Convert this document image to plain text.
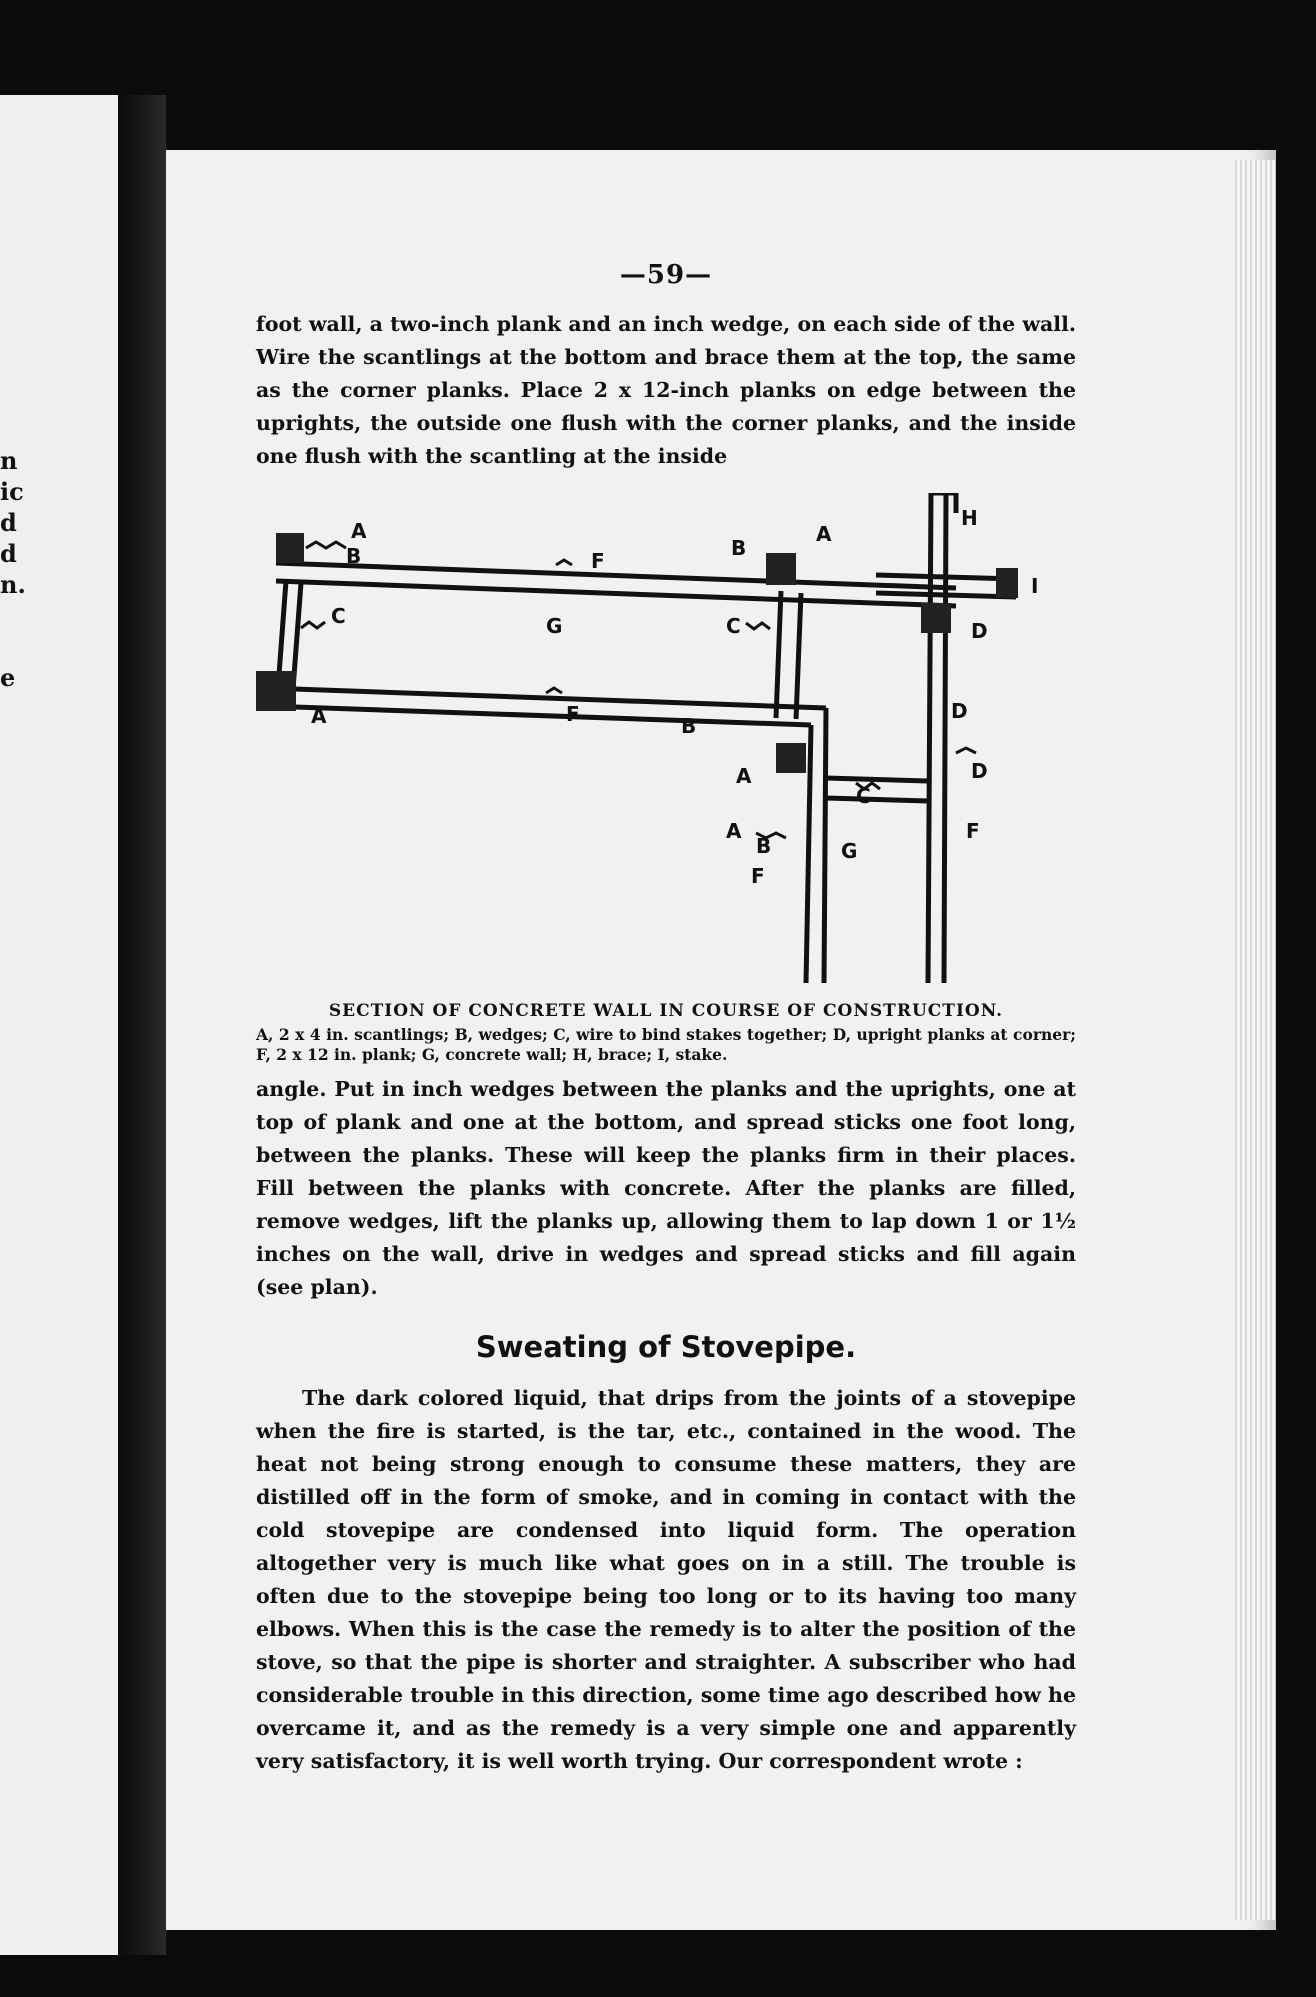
n
ic
d
d
n.
e
—59—

foot wall, a two-inch plank and an inch wedge, on each side of the wall. Wire the scantlings at the bottom and brace them at the top, the same as the corner planks. Place 2 x 12-inch planks on edge between the uprights, the outside one flush with the corner planks, and the inside one flush with the scantling at the inside

A
B	F
B
A
H
I
D
C	G	C
A	F	B
D
D
C
A
A	F
B	G
F
SECTION OF CONCRETE WALL IN COURSE OF CONSTRUCTION.

A, 2 x 4 in. scantlings; B, wedges; C, wire to bind stakes together; D, upright planks at corner; F, 2 x 12 in. plank; G, concrete wall; H, brace; I, stake.

angle. Put in inch wedges between the planks and the uprights, one at top of plank and one at the bottom, and spread sticks one foot long, between the planks. These will keep the planks firm in their places. Fill between the planks with concrete. After the planks are filled, remove wedges, lift the planks up, allowing them to lap down 1 or 1½ inches on the wall, drive in wedges and spread sticks and fill again (see plan).

Sweating of Stovepipe.

The dark colored liquid, that drips from the joints of a stovepipe when the fire is started, is the tar, etc., contained in the wood. The heat not being strong enough to consume these matters, they are distilled off in the form of smoke, and in coming in contact with the cold stovepipe are condensed into liquid form. The operation altogether very is much like what goes on in a still. The trouble is often due to the stovepipe being too long or to its having too many elbows. When this is the case the remedy is to alter the position of the stove, so that the pipe is shorter and straighter. A subscriber who had considerable trouble in this direction, some time ago described how he overcame it, and as the remedy is a very simple one and apparently very satisfactory, it is well worth trying. Our correspondent wrote :
